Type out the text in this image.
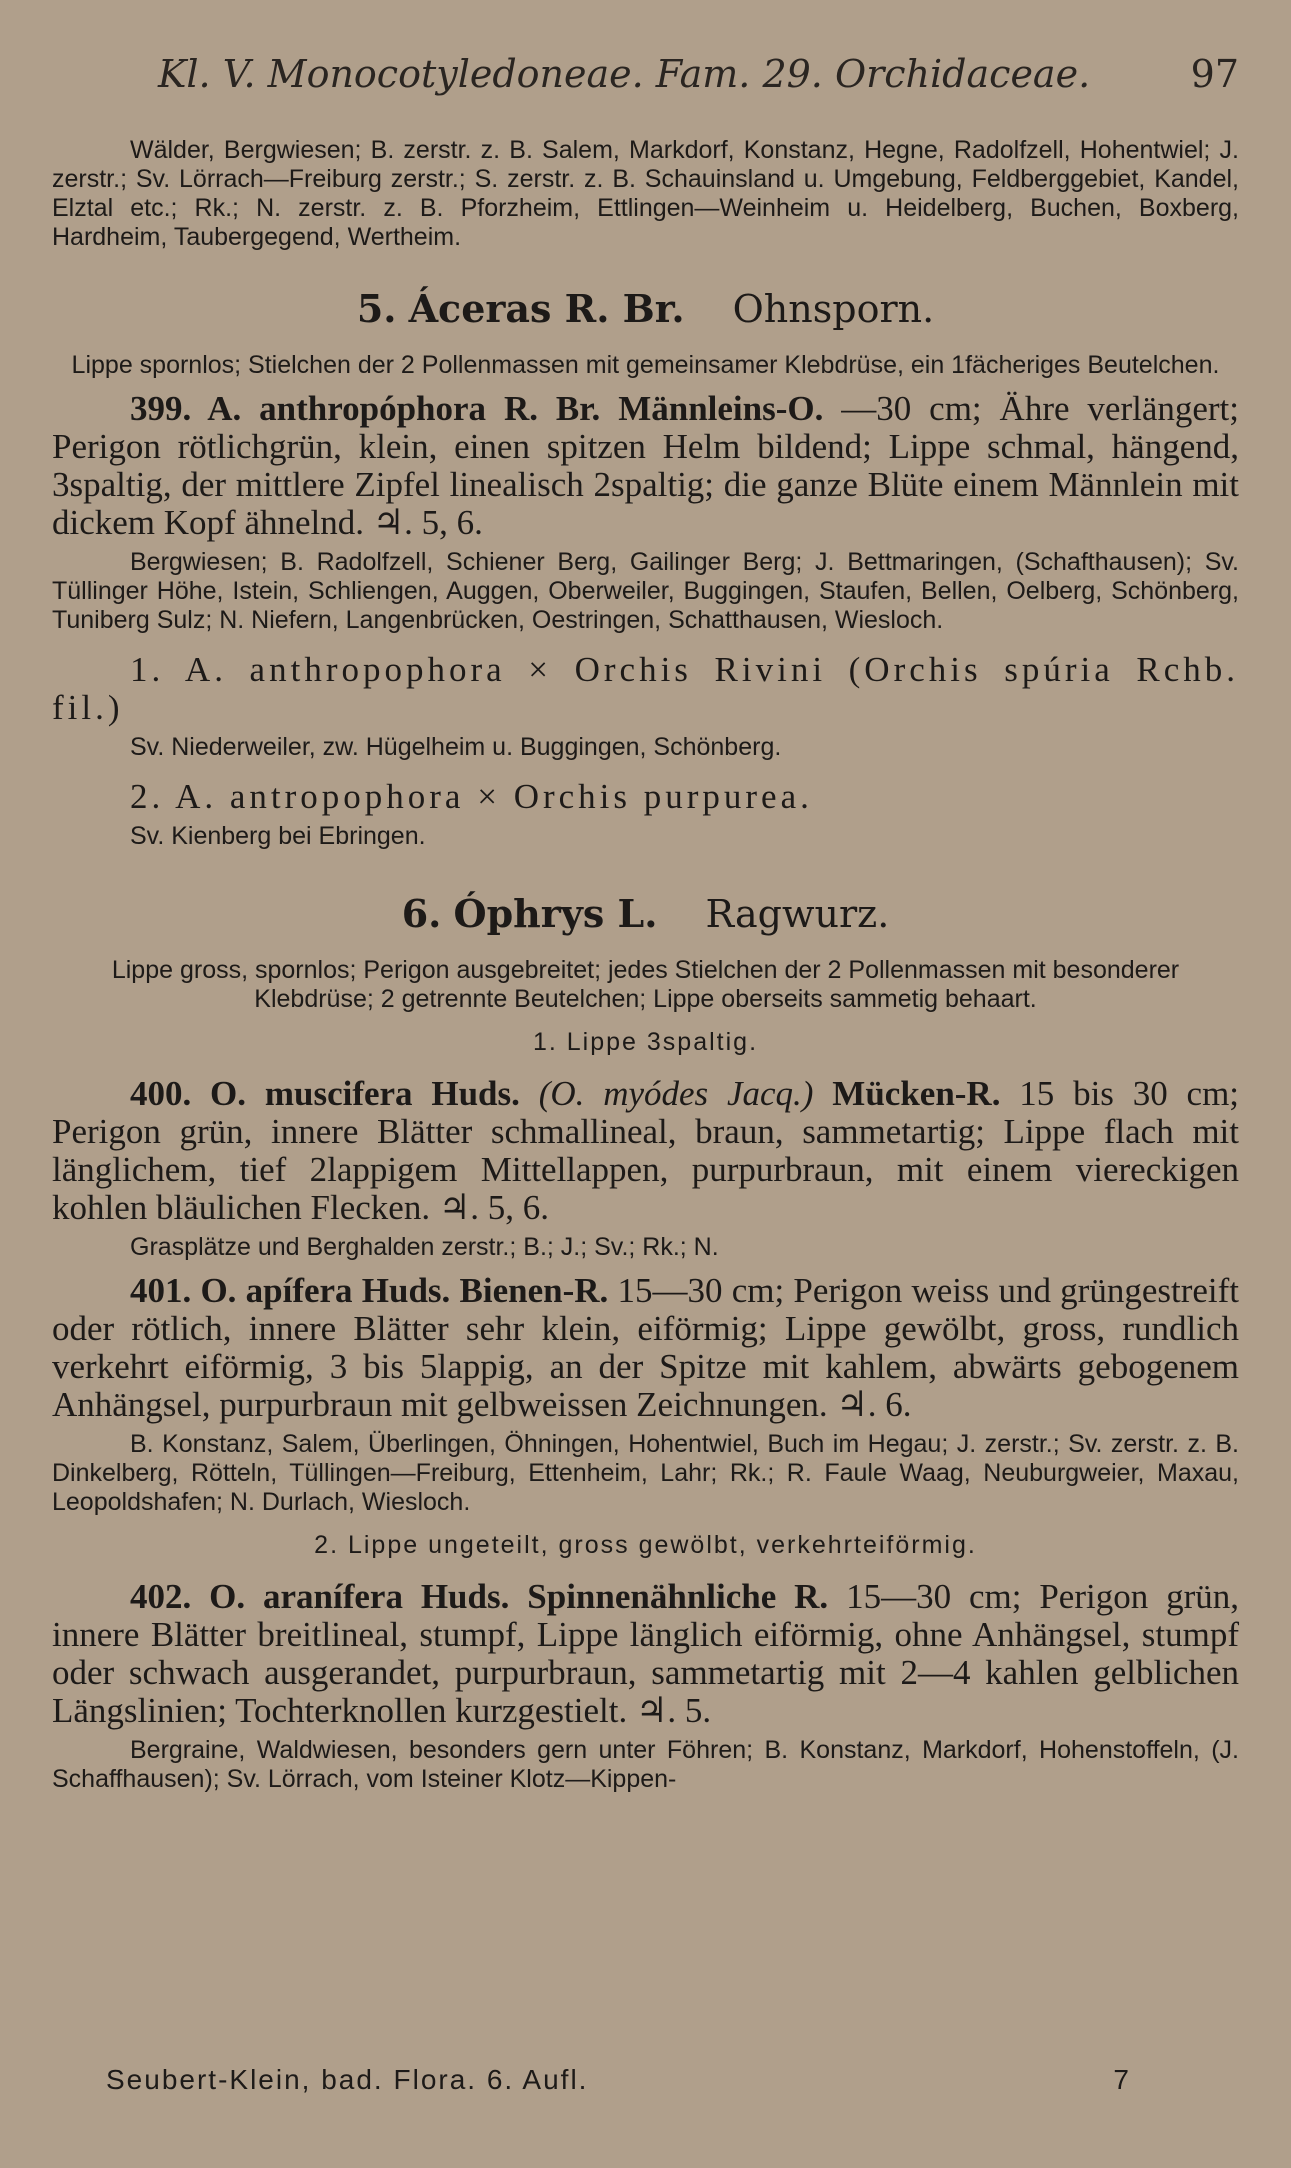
Kl. V. Monocotyledoneae. Fam. 29. Orchidaceae.	97

Wälder, Bergwiesen; B. zerstr. z. B. Salem, Markdorf, Konstanz, Hegne, Radolfzell, Hohentwiel; J. zerstr.; Sv. Lörrach—Freiburg zerstr.; S. zerstr. z. B. Schauinsland u. Umgebung, Feldberggebiet, Kandel, Elztal etc.; Rk.; N. zerstr. z. B. Pforzheim, Ettlingen—Weinheim u. Heidelberg, Buchen, Boxberg, Hardheim, Taubergegend, Wertheim.

5. Áceras R. Br. Ohnsporn.

Lippe spornlos; Stielchen der 2 Pollenmassen mit gemeinsamer Klebdrüse, ein 1fächeriges Beutelchen.

399. A. anthropóphora R. Br. Männleins-O. —30 cm; Ähre verlängert; Perigon rötlichgrün, klein, einen spitzen Helm bildend; Lippe schmal, hängend, 3spaltig, der mittlere Zipfel linealisch 2spaltig; die ganze Blüte einem Männlein mit dickem Kopf ähnelnd. ♃. 5, 6.

Bergwiesen; B. Radolfzell, Schiener Berg, Gailinger Berg; J. Bettmaringen, (Schafthausen); Sv. Tüllinger Höhe, Istein, Schliengen, Auggen, Oberweiler, Buggingen, Staufen, Bellen, Oelberg, Schönberg, Tuniberg Sulz; N. Niefern, Langenbrücken, Oestringen, Schatthausen, Wiesloch.

1. A. anthropophora × Orchis Rivini (Orchis spúria Rchb. fil.)

Sv. Niederweiler, zw. Hügelheim u. Buggingen, Schönberg.

2. A. antropophora × Orchis purpurea.

Sv. Kienberg bei Ebringen.

6. Óphrys L. Ragwurz.

Lippe gross, spornlos; Perigon ausgebreitet; jedes Stielchen der 2 Pollenmassen mit besonderer Klebdrüse; 2 getrennte Beutelchen; Lippe oberseits sammetig behaart.

1. Lippe 3spaltig.

400. O. muscifera Huds. (O. myódes Jacq.) Mücken-R. 15 bis 30 cm; Perigon grün, innere Blätter schmallineal, braun, sammetartig; Lippe flach mit länglichem, tief 2lappigem Mittellappen, purpurbraun, mit einem viereckigen kohlen bläulichen Flecken. ♃. 5, 6.

Grasplätze und Berghalden zerstr.; B.; J.; Sv.; Rk.; N.

401. O. apífera Huds. Bienen-R. 15—30 cm; Perigon weiss und grüngestreift oder rötlich, innere Blätter sehr klein, eiförmig; Lippe gewölbt, gross, rundlich verkehrt eiförmig, 3 bis 5lappig, an der Spitze mit kahlem, abwärts gebogenem Anhängsel, purpurbraun mit gelbweissen Zeichnungen. ♃. 6.

B. Konstanz, Salem, Überlingen, Öhningen, Hohentwiel, Buch im Hegau; J. zerstr.; Sv. zerstr. z. B. Dinkelberg, Rötteln, Tüllingen—Freiburg, Ettenheim, Lahr; Rk.; R. Faule Waag, Neuburgweier, Maxau, Leopoldshafen; N. Durlach, Wiesloch.

2. Lippe ungeteilt, gross gewölbt, verkehrteiförmig.

402. O. aranífera Huds. Spinnenähnliche R. 15—30 cm; Perigon grün, innere Blätter breitlineal, stumpf, Lippe länglich eiförmig, ohne Anhängsel, stumpf oder schwach ausgerandet, purpurbraun, sammetartig mit 2—4 kahlen gelblichen Längslinien; Tochterknollen kurzgestielt. ♃. 5.

Bergraine, Waldwiesen, besonders gern unter Föhren; B. Konstanz, Markdorf, Hohenstoffeln, (J. Schaffhausen); Sv. Lörrach, vom Isteiner Klotz—Kippen-

Seubert-Klein, bad. Flora. 6. Aufl.	7
